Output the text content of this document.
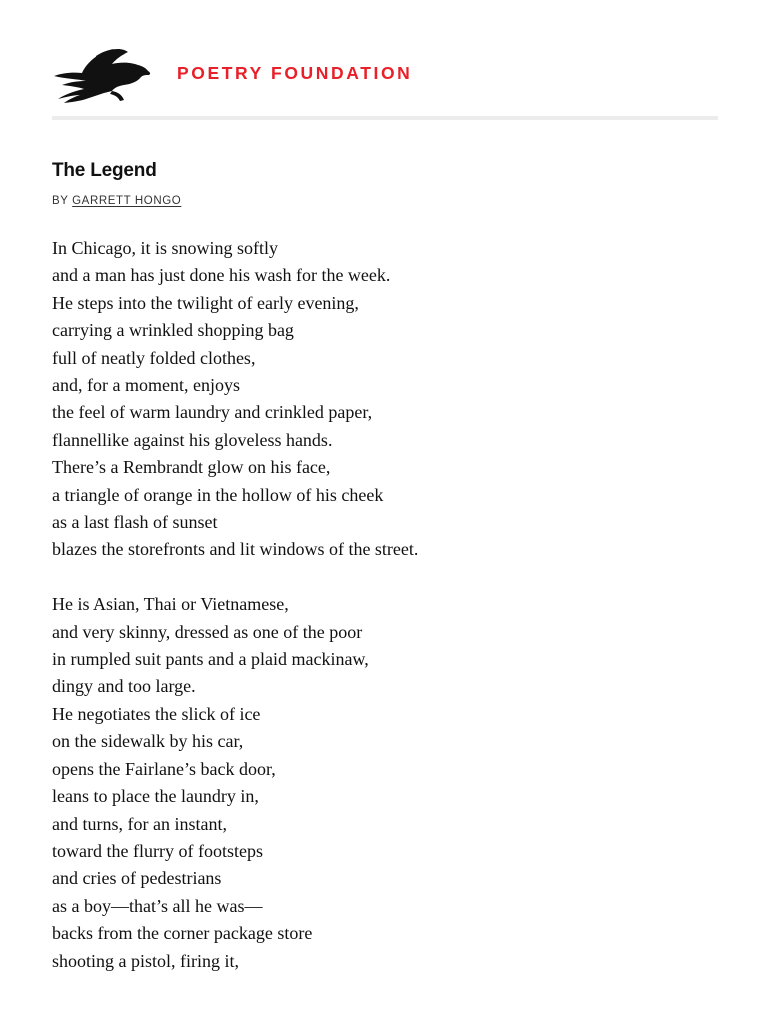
POETRY FOUNDATION
The Legend
BY GARRETT HONGO
In Chicago, it is snowing softly
and a man has just done his wash for the week.
He steps into the twilight of early evening,
carrying a wrinkled shopping bag
full of neatly folded clothes,
and, for a moment, enjoys
the feel of warm laundry and crinkled paper,
flannellike against his gloveless hands.
There’s a Rembrandt glow on his face,
a triangle of orange in the hollow of his cheek
as a last flash of sunset
blazes the storefronts and lit windows of the street.
He is Asian, Thai or Vietnamese,
and very skinny, dressed as one of the poor
in rumpled suit pants and a plaid mackinaw,
dingy and too large.
He negotiates the slick of ice
on the sidewalk by his car,
opens the Fairlane’s back door,
leans to place the laundry in,
and turns, for an instant,
toward the flurry of footsteps
and cries of pedestrians
as a boy—that’s all he was—
backs from the corner package store
shooting a pistol, firing it,
